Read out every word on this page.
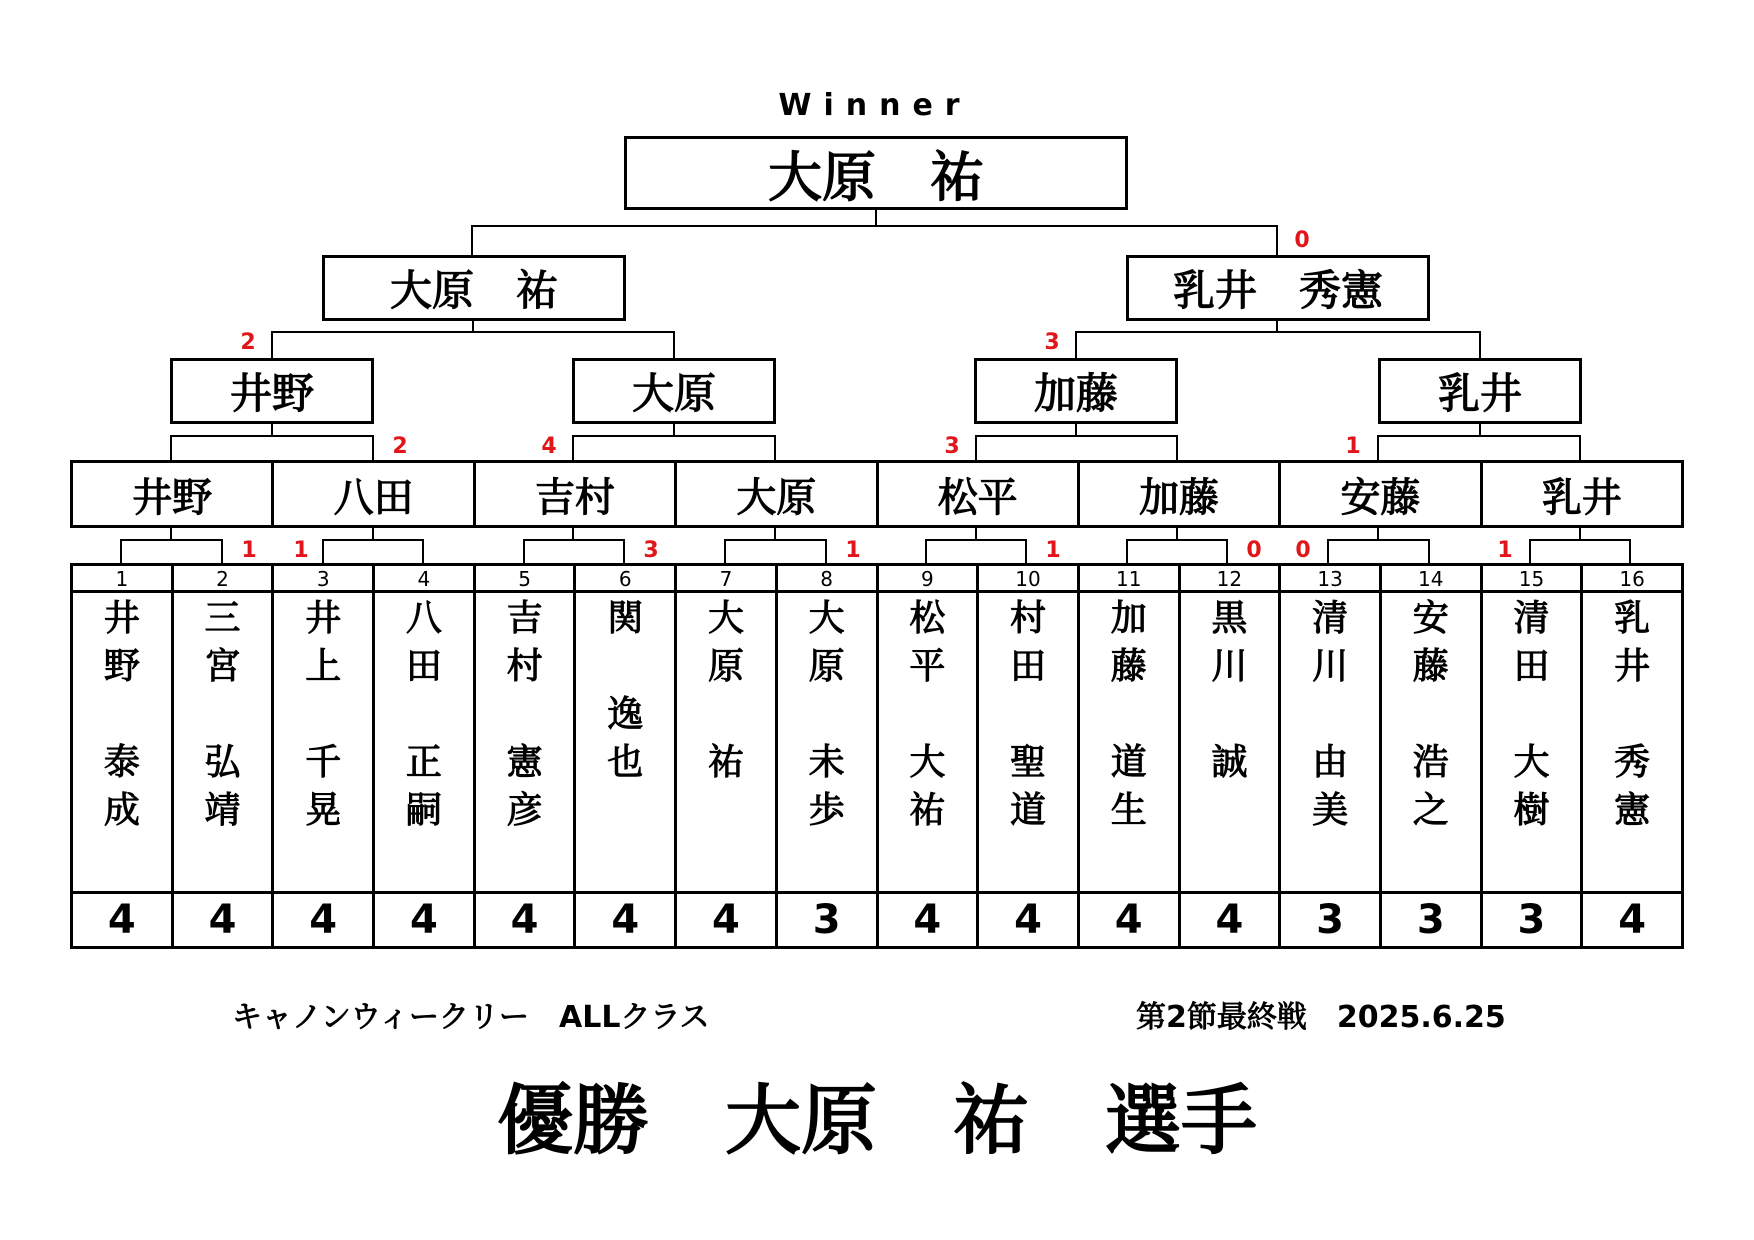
Winner
大原　祐
大原　祐	乳井　秀憲
井野	大原	加藤	乳井
井野	八田	吉村	大原	松平	加藤	安藤	乳井
1
井
野

泰
成
4
2
三
宮

弘
靖
4
3
井
上

千
晃
4
4
八
田

正
嗣
4
5
吉
村

憲
彦
4
6
関

逸
也
4
7
大
原

祐
4
8
大
原

未
歩
3
9
松
平

大
祐
4
10
村
田

聖
道
4
11
加
藤

道
生
4
12
黒
川

誠
4
13
清
川

由
美
3
14
安
藤

浩
之
3
15
清
田

大
樹
3
16
乳
井

秀
憲
4
1	1	3	1	1	0	0	1
2	4	3	1
2	3
0
キャノンウィークリー　ALLクラス	第2節最終戦　2025.6.25
優勝　大原　祐　選手
